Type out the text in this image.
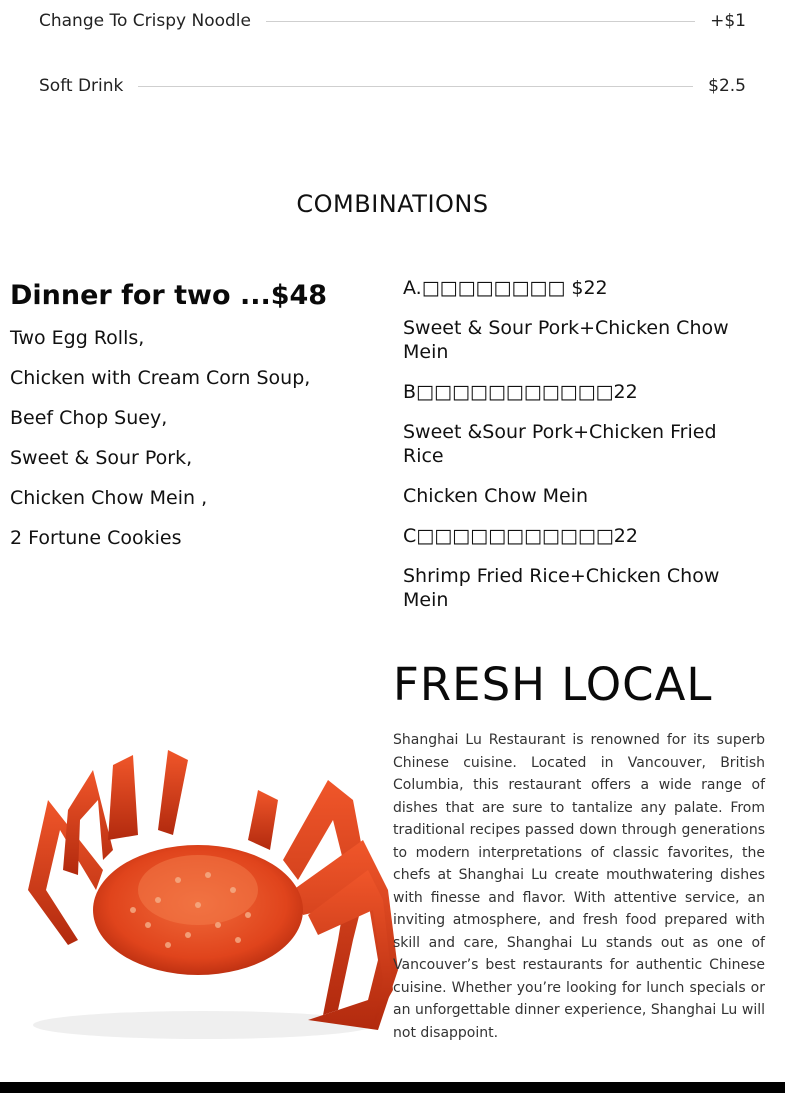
Change To Crispy Noodle	+$1
Soft Drink	$2.5
COMBINATIONS

Dinner for two ...$48

Two Egg Rolls,

Chicken with Cream Corn Soup,

Beef Chop Suey,

Sweet & Sour Pork,

Chicken Chow Mein ,

2 Fortune Cookies

A.□□□□□□□□ $22

Sweet & Sour Pork+Chicken Chow Mein

B□□□□□□□□□□□22

Sweet &Sour Pork+Chicken Fried Rice

Chicken Chow Mein

C□□□□□□□□□□□22

Shrimp Fried Rice+Chicken Chow Mein

FRESH LOCAL

Shanghai Lu Restaurant is renowned for its superb Chinese cuisine. Located in Vancouver, British Columbia, this restaurant offers a wide range of dishes that are sure to tantalize any palate. From traditional recipes passed down through generations to modern interpretations of classic favorites, the chefs at Shanghai Lu create mouthwatering dishes with finesse and flavor. With attentive service, an inviting atmosphere, and fresh food prepared with skill and care, Shanghai Lu stands out as one of Vancouver’s best restaurants for authentic Chinese cuisine. Whether you’re looking for lunch specials or an unforgettable dinner experience, Shanghai Lu will not disappoint.
